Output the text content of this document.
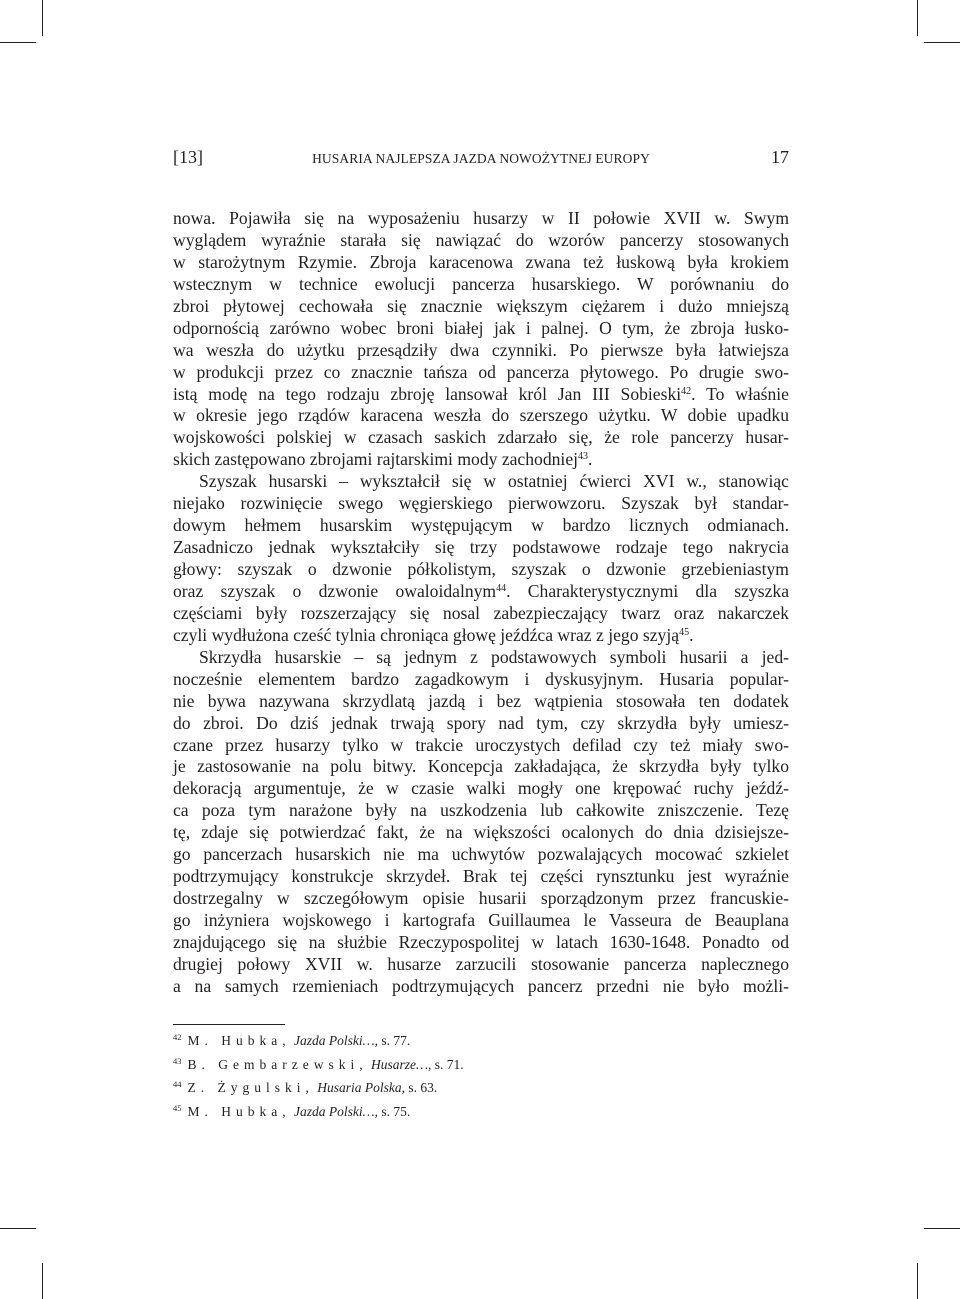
[13]	HUSARIA NAJLEPSZA JAZDA NOWOŻYTNEJ EUROPY	17
nowa. Pojawiła się na wyposażeniu husarzy w II połowie XVII w. Swym
wyglądem wyraźnie starała się nawiązać do wzorów pancerzy stosowanych
w starożytnym Rzymie. Zbroja karacenowa zwana też łuskową była krokiem
wstecznym w technice ewolucji pancerza husarskiego. W porównaniu do
zbroi płytowej cechowała się znacznie większym ciężarem i dużo mniejszą
odpornością zarówno wobec broni białej jak i palnej. O tym, że zbroja łusko-
wa weszła do użytku przesądziły dwa czynniki. Po pierwsze była łatwiejsza
w produkcji przez co znacznie tańsza od pancerza płytowego. Po drugie swo-
istą modę na tego rodzaju zbroję lansował król Jan III Sobieski$^{42}$. To właśnie
w okresie jego rządów karacena weszła do szerszego użytku. W dobie upadku
wojskowości polskiej w czasach saskich zdarzało się, że role pancerzy husar-
skich zastępowano zbrojami rajtarskimi mody zachodniej$^{43}$.
Szyszak husarski – wykształcił się w ostatniej ćwierci XVI w., stanowiąc
niejako rozwinięcie swego węgierskiego pierwowzoru. Szyszak był standar-
dowym hełmem husarskim występującym w bardzo licznych odmianach.
Zasadniczo jednak wykształciły się trzy podstawowe rodzaje tego nakrycia
głowy: szyszak o dzwonie półkolistym, szyszak o dzwonie grzebieniastym
oraz szyszak o dzwonie owaloidalnym$^{44}$. Charakterystycznymi dla szyszka
częściami były rozszerzający się nosal zabezpieczający twarz oraz nakarczek
czyli wydłużona cześć tylnia chroniąca głowę jeźdźca wraz z jego szyją$^{45}$.
Skrzydła husarskie – są jednym z podstawowych symboli husarii a jed-
nocześnie elementem bardzo zagadkowym i dyskusyjnym. Husaria popular-
nie bywa nazywana skrzydlatą jazdą i bez wątpienia stosowała ten dodatek
do zbroi. Do dziś jednak trwają spory nad tym, czy skrzydła były umiesz-
czane przez husarzy tylko w trakcie uroczystych defilad czy też miały swo-
je zastosowanie na polu bitwy. Koncepcja zakładająca, że skrzydła były tylko
dekoracją argumentuje, że w czasie walki mogły one krępować ruchy jeźdź-
ca poza tym narażone były na uszkodzenia lub całkowite zniszczenie. Tezę
tę, zdaje się potwierdzać fakt, że na większości ocalonych do dnia dzisiejsze-
go pancerzach husarskich nie ma uchwytów pozwalających mocować szkielet
podtrzymujący konstrukcje skrzydeł. Brak tej części rynsztunku jest wyraźnie
dostrzegalny w szczegółowym opisie husarii sporządzonym przez francuskie-
go inżyniera wojskowego i kartografa Guillaumea le Vasseura de Beauplana
znajdującego się na służbie Rzeczypospolitej w latach 1630-1648. Ponadto od
drugiej połowy XVII w. husarze zarzucili stosowanie pancerza naplecznego
a na samych rzemieniach podtrzymujących pancerz przedni nie było możli-
$^{42}$ M. Hubka, Jazda Polski…, s. 77.
$^{43}$ B. Gembarzewski, Husarze…, s. 71.
$^{44}$ Z. Żygulski, Husaria Polska, s. 63.
$^{45}$ M. Hubka, Jazda Polski…, s. 75.
